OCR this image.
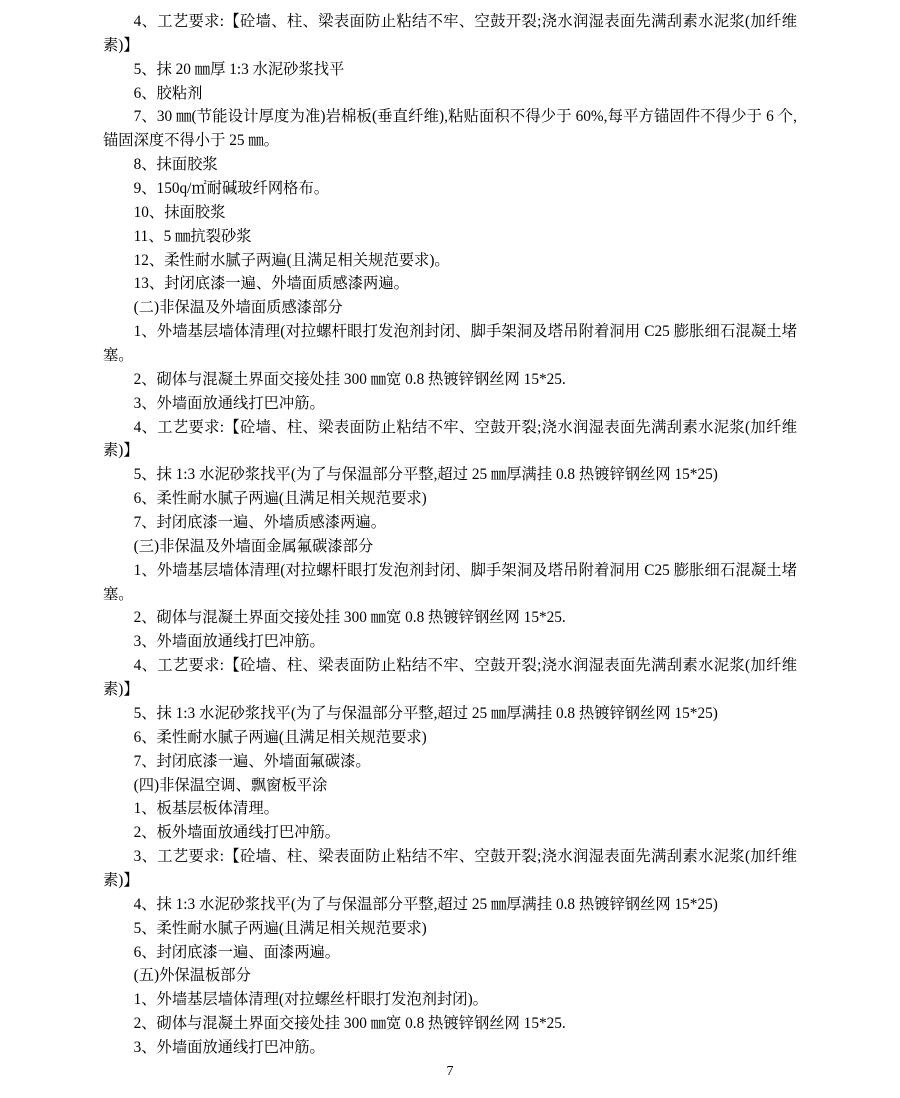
4、工艺要求:【砼墙、柱、梁表面防止粘结不牢、空鼓开裂;浇水润湿表面先满刮素水泥浆(加纤维素)】

5、抹 20 ㎜厚 1:3 水泥砂浆找平

6、胶粘剂

7、30 ㎜(节能设计厚度为准)岩棉板(垂直纤维),粘贴面积不得少于 60%,每平方锚固件不得少于 6 个,锚固深度不得小于 25 ㎜。

8、抹面胶浆

9、150q/㎡耐碱玻纤网格布。

10、抹面胶浆

11、5 ㎜抗裂砂浆

12、柔性耐水腻子两遍(且满足相关规范要求)。

13、封闭底漆一遍、外墙面质感漆两遍。

(二)非保温及外墙面质感漆部分

1、外墙基层墙体清理(对拉螺杆眼打发泡剂封闭、脚手架洞及塔吊附着洞用 C25 膨胀细石混凝土堵塞。

2、砌体与混凝土界面交接处挂 300 ㎜宽 0.8 热镀锌钢丝网 15*25.

3、外墙面放通线打巴冲筋。

4、工艺要求:【砼墙、柱、梁表面防止粘结不牢、空鼓开裂;浇水润湿表面先满刮素水泥浆(加纤维素)】

5、抹 1:3 水泥砂浆找平(为了与保温部分平整,超过 25 ㎜厚满挂 0.8 热镀锌钢丝网 15*25)

6、柔性耐水腻子两遍(且满足相关规范要求)

7、封闭底漆一遍、外墙质感漆两遍。

(三)非保温及外墙面金属氟碳漆部分

1、外墙基层墙体清理(对拉螺杆眼打发泡剂封闭、脚手架洞及塔吊附着洞用 C25 膨胀细石混凝土堵塞。

2、砌体与混凝土界面交接处挂 300 ㎜宽 0.8 热镀锌钢丝网 15*25.

3、外墙面放通线打巴冲筋。

4、工艺要求:【砼墙、柱、梁表面防止粘结不牢、空鼓开裂;浇水润湿表面先满刮素水泥浆(加纤维素)】

5、抹 1:3 水泥砂浆找平(为了与保温部分平整,超过 25 ㎜厚满挂 0.8 热镀锌钢丝网 15*25)

6、柔性耐水腻子两遍(且满足相关规范要求)

7、封闭底漆一遍、外墙面氟碳漆。

(四)非保温空调、飘窗板平涂

1、板基层板体清理。

2、板外墙面放通线打巴冲筋。

3、工艺要求:【砼墙、柱、梁表面防止粘结不牢、空鼓开裂;浇水润湿表面先满刮素水泥浆(加纤维素)】

4、抹 1:3 水泥砂浆找平(为了与保温部分平整,超过 25 ㎜厚满挂 0.8 热镀锌钢丝网 15*25)

5、柔性耐水腻子两遍(且满足相关规范要求)

6、封闭底漆一遍、面漆两遍。

(五)外保温板部分

1、外墙基层墙体清理(对拉螺丝杆眼打发泡剂封闭)。

2、砌体与混凝土界面交接处挂 300 ㎜宽 0.8 热镀锌钢丝网 15*25.

3、外墙面放通线打巴冲筋。

7
